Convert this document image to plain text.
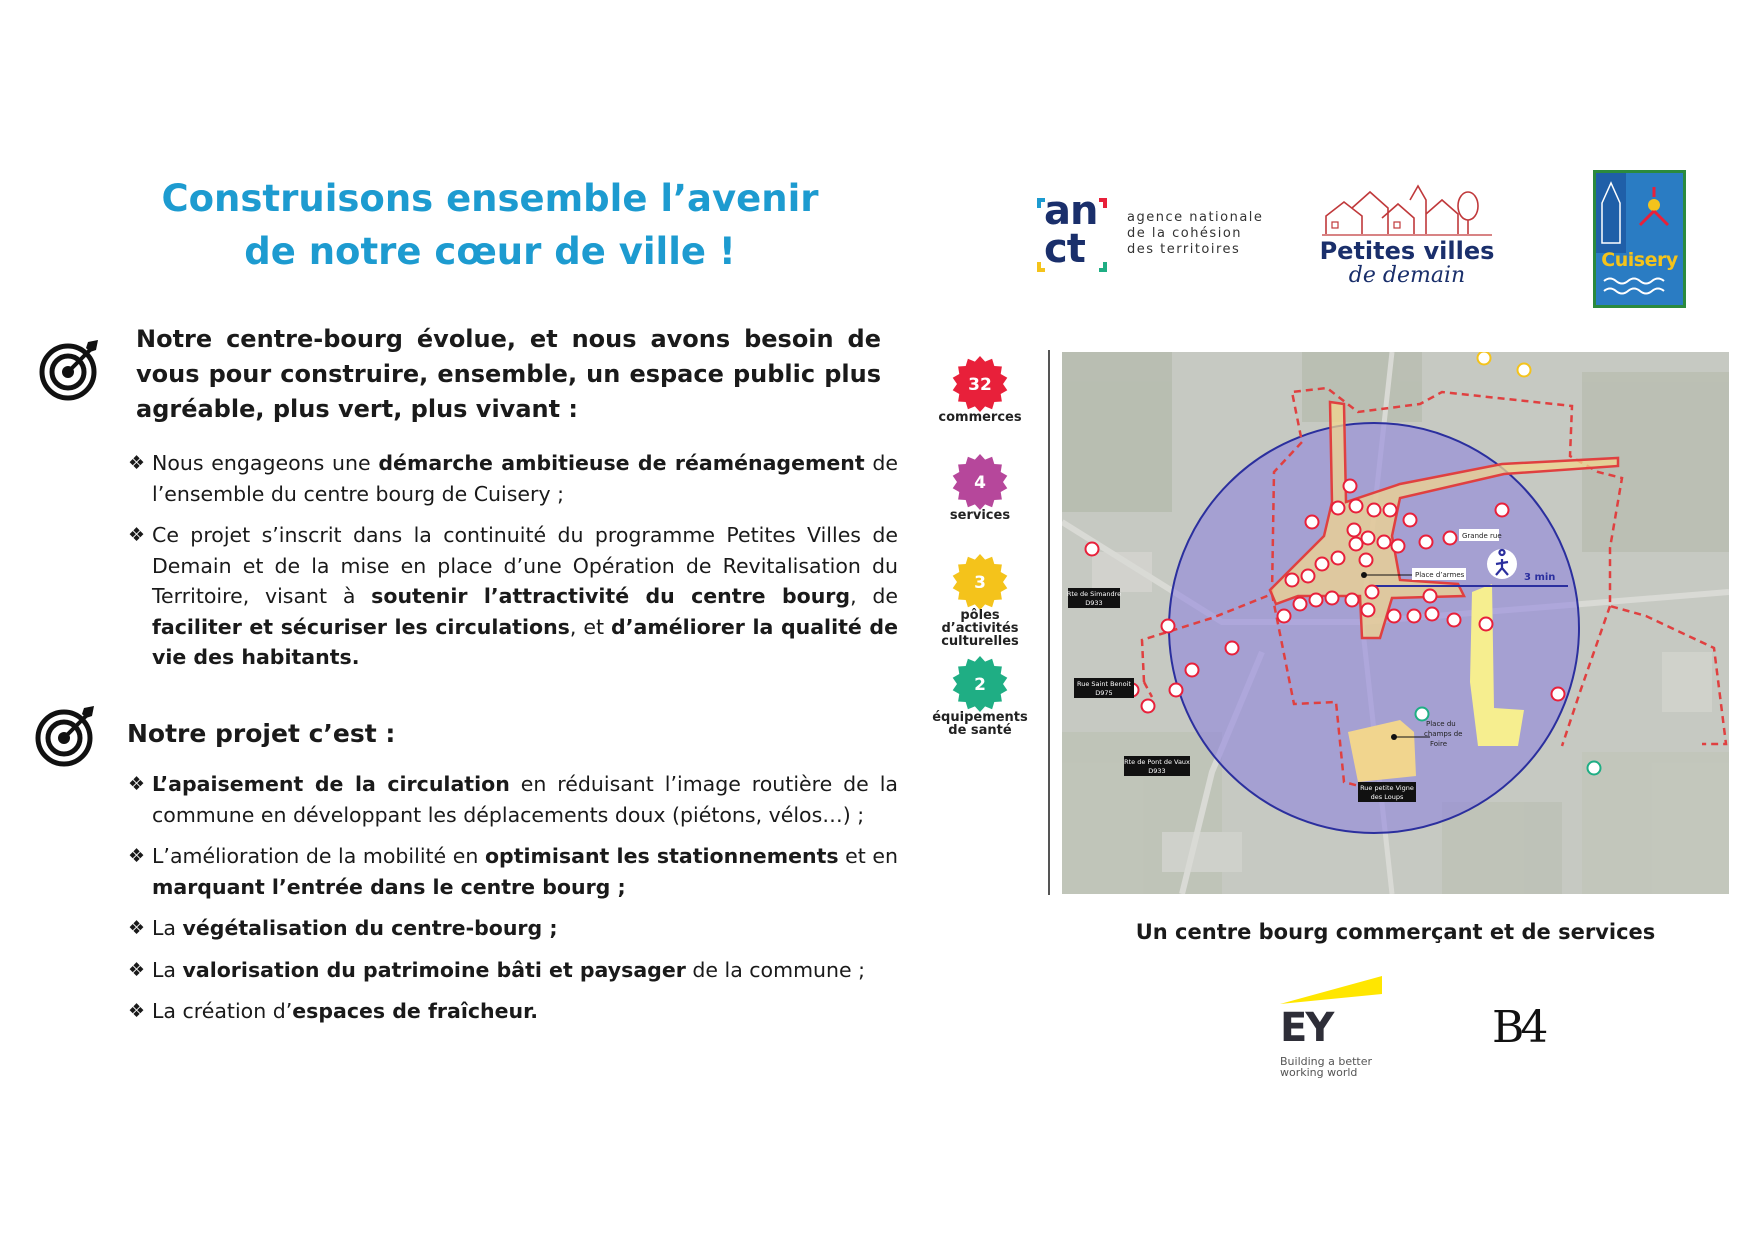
Construisons ensemble l’avenir
de notre cœur de ville !
Notre centre-bourg évolue, et nous avons besoin de vous pour construire, ensemble, un espace public plus agréable, plus vert, plus vivant :
❖ Nous engageons une démarche ambitieuse de réaménagement de l’ensemble du centre bourg de Cuisery ;
❖ Ce projet s’inscrit dans la continuité du programme Petites Villes de Demain et de la mise en place d’une Opération de Revitalisation du Territoire, visant à soutenir l’attractivité du centre bourg, de faciliter et sécuriser les circulations, et d’améliorer la qualité de vie des habitants.
Notre projet c’est :
❖ L’apaisement de la circulation en réduisant l’image routière de la commune en développant les déplacements doux (piétons, vélos…) ;
❖ L’amélioration de la mobilité en optimisant les stationnements et en marquant l’entrée dans le centre bourg ;
❖ La végétalisation du centre-bourg ;
❖ La valorisation du patrimoine bâti et paysager de la commune ;
❖ La création d’espaces de fraîcheur.
an
ct
agence nationale
de la cohésion
des territoires	Petites villes
de demain
Cuisery
32
commerces
4
services
3
pôles
d’activités
culturelles
2
équipements
de santé
3 min
Rte de Simandre
D933
Rue Saint Benoit
D975
Rte de Pont de Vaux
D933
Rue petite Vigne
des Loups
Place d’armes
Grande rue
Place du
champs de
Foire
Un centre bourg commerçant et de services
EY
Building a better
working world
B4
